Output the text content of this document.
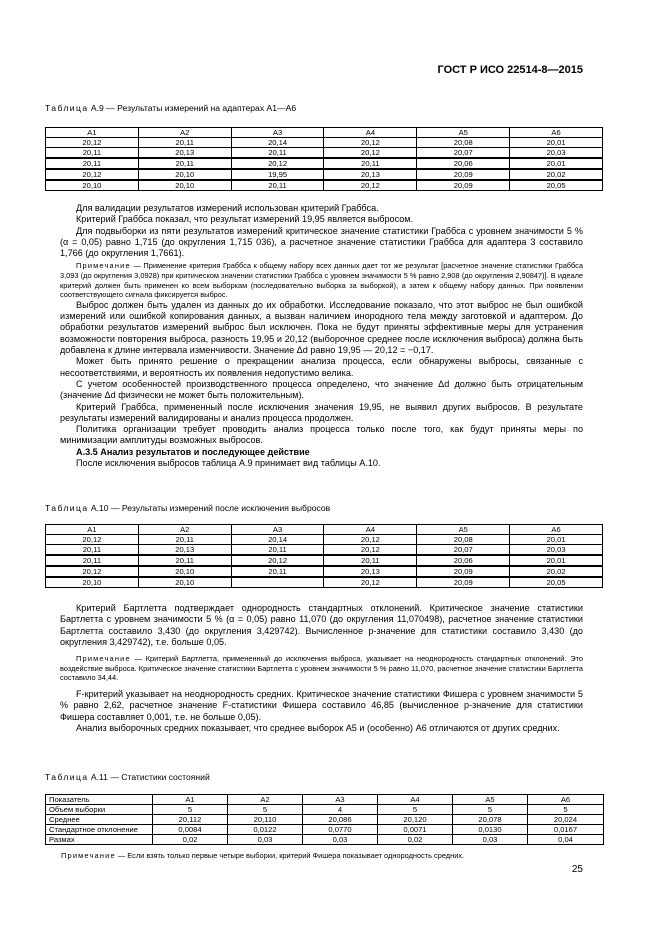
ГОСТ Р ИСО 22514-8—2015
Таблица А.9 — Результаты измерений на адаптерах А1—А6
А1	А2	А3	А4	А5	А6
20,12	20,11	20,14	20,12	20,08	20,01
20,11	20,13	20,11	20,12	20,07	20,03
20,11	20,11	20,12	20,11	20,06	20,01
20,12	20,10	19,95	20,13	20,09	20,02
20,10	20,10	20,11	20,12	20,09	20,05

Для валидации результатов измерений использован критерий Граббса.

Критерий Граббса показал, что результат измерений 19,95 является выбросом.

Для подвыборки из пяти результатов измерений критическое значение статистики Граббса с уровнем значимости 5 % (α = 0,05) равно 1,715 (до округления 1,715 036), а расчетное значение статистики Граббса для адаптера 3 составило 1,766 (до округления 1,7661).

Примечание — Применение критерия Граббса к общему набору всех данных дает тот же результат [расчетное значение статистики Граббса 3,093 (до округления 3,0928) при критическом значении статистики Граббса с уровнем значимости 5 % равно 2,908 (до округления 2,90847)]. В идеале критерий должен быть применен ко всем выборкам (последовательно выборка за выборкой), а затем к общему набору данных. При появлении соответствующего сигнала фиксируется выброс.

Выброс должен быть удален из данных до их обработки. Исследование показало, что этот выброс не был ошибкой измерений или ошибкой копирования данных, а вызван наличием инородного тела между заготовкой и адаптером. До обработки результатов измерений выброс был исключен. Пока не будут приняты эффективные меры для устранения возможности повторения выброса, разность 19,95 и 20,12 (выборочное среднее после исключения выброса) должна быть добавлена к длине интервала изменчивости. Значение Δd равно 19,95 — 20,12 = −0,17.

Может быть принято решение о прекращении анализа процесса, если обнаружены выбросы, связанные с несоответствиями, и вероятность их появления недопустимо велика.

С учетом особенностей производственного процесса определено, что значение Δd должно быть отрицательным (значение Δd физически не может быть положительным).

Критерий Граббса, примененный после исключения значения 19,95, не выявил других выбросов. В результате результаты измерений валидированы и анализ процесса продолжен.

Политика организации требует проводить анализ процесса только после того, как будут приняты меры по минимизации амплитуды возможных выбросов.

А.3.5 Анализ результатов и последующее действие

После исключения выбросов таблица А.9 принимает вид таблицы А.10.

Таблица А.10 — Результаты измерений после исключения выбросов
А1	А2	А3	А4	А5	А6
20,12	20,11	20,14	20,12	20,08	20,01
20,11	20,13	20,11	20,12	20,07	20,03
20,11	20,11	20,12	20,11	20,06	20,01
20,12	20,10	20,11	20,13	20,09	20,02
20,10	20,10		20,12	20,09	20,05

Критерий Бартлетта подтверждает однородность стандартных отклонений. Критическое значение статистики Бартлетта с уровнем значимости 5 % (α = 0,05) равно 11,070 (до округления 11,070498), расчетное значение статистики Бартлетта составило 3,430 (до округления 3,429742). Вычисленное p-значение для статистики составило 3,430 (до округления 3,429742), т.е. больше 0,05.

Примечание — Критерий Бартлетта, примененный до исключения выброса, указывает на неоднородность стандартных отклонений. Это воздействие выброса. Критическое значение статистики Бартлетта с уровнем значимости 5 % равно 11,070, расчетное значение статистики Бартлетта составило 34,44.

F-критерий указывает на неоднородность средних. Критическое значение статистики Фишера с уровнем значимости 5 % равно 2,62, расчетное значение F-статистики Фишера составило 46,85 (вычисленное p-значение для статистики Фишера составляет 0,001, т.е. не больше 0,05).

Анализ выборочных средних показывает, что среднее выборок А5 и (особенно) А6 отличаются от других средних.

Таблица А.11 — Статистики состояний
Показатель	А1	А2	А3	А4	А5	А6
Объем выборки	5	5	4	5	5	5
Среднее	20,112	20,110	20,086	20,120	20,078	20,024
Стандартное отклонение	0,0084	0,0122	0,0770	0,0071	0,0130	0,0167
Размах	0,02	0,03	0,03	0,02	0,03	0,04

Примечание — Если взять только первые четыре выборки, критерий Фишера показывает однородность средних.

25
